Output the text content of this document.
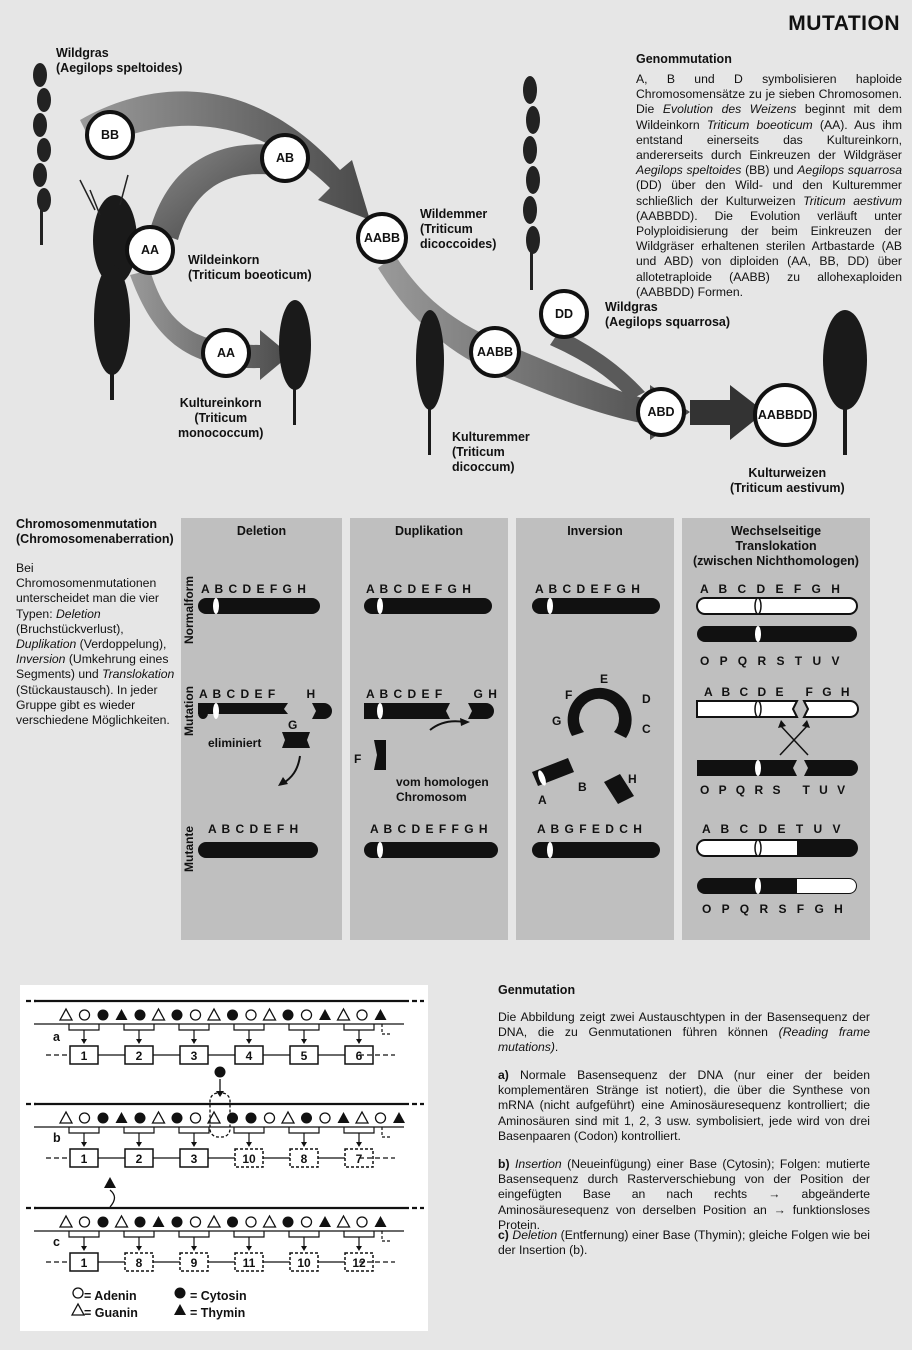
MUTATION
BB
AB
AA
AA
AABB
AABB
DD
ABD	AABBDD
Wildgras
(Aegilops speltoides)
Wildeinkorn
(Triticum boeoticum)
Kultureinkorn
(Triticum
monococcum)
Wildemmer
(Triticum
dicoccoides)
Kulturemmer
(Triticum
dicoccum)
Wildgras
(Aegilops squarrosa)
Kulturweizen
(Triticum aestivum)
Genommutation
A, B und D symbolisieren haploide Chromosomensätze zu je sieben Chromosomen. Die Evolution des Weizens beginnt mit dem Wildeinkorn Triticum boeoticum (AA). Aus ihm entstand einerseits das Kultureinkorn, andererseits durch Einkreuzen der Wildgräser Aegilops speltoides (BB) und Aegilops squarrosa (DD) über den Wild- und den Kulturemmer schließlich der Kulturweizen Triticum aestivum (AABBDD). Die Evolution verläuft unter Polyploidisierung der beim Einkreuzen der Wildgräser erhaltenen sterilen Artbastarde (AB und ABD) von diploiden (AA, BB, DD) über allotetraploide (AABB) zu allohexaploiden (AABBDD) Formen.
Chromosomenmutation
(Chromosomenaberration)
Bei Chromosomenmutationen unterscheidet man die vier Typen: Deletion (Bruchstückverlust), Duplikation (Verdoppelung), Inversion (Umkehrung eines Segments) und Translokation (Stückaustausch). In jeder Gruppe gibt es wieder verschiedene Möglichkeiten.
Deletion	Duplikation	Inversion	Wechselseitige
Translokation
(zwischen Nichthomologen)
Normalform
Mutation
Mutante
A B C D E F G H
A B C D E F       H
G
eliminiert
A B C D E F H
A B C D E F G H
A B C D E F       G H
F

vom homologen
Chromosom

A B C D E F F G H
A B C D E F G H
E
F	D
G
C
A
B
H
A B G F E D C H
A B C D E F G H
O P Q R S T U V
A B C D E   F G H
O P Q R S   T U V
A B C D E T U V
O P Q R S F G H
1	2	3	4	5	6
1	2	3	10	8	7
1	8	9	11	10	12
a
b
c
= Adenin	= Cytosin
= Guanin	= Thymin
Genmutation
Die Abbildung zeigt zwei Austauschtypen in der Basensequenz der DNA, die zu Genmutationen führen können (Reading frame mutations).
a) Normale Basensequenz der DNA (nur einer der beiden komplementären Stränge ist notiert), die über die Synthese von mRNA (nicht aufgeführt) eine Aminosäuresequenz kontrolliert; die Aminosäuren sind mit 1, 2, 3 usw. symbolisiert, jede wird von drei Basenpaaren (Codon) kontrolliert.
b) Insertion (Neueinfügung) einer Base (Cytosin); Folgen: mutierte Basensequenz durch Rasterverschiebung von der Position der eingefügten Base an nach rechts → abgeänderte Aminosäuresequenz von derselben Position an → funktionsloses Protein.
c) Deletion (Entfernung) einer Base (Thymin); gleiche Folgen wie bei der Insertion (b).
